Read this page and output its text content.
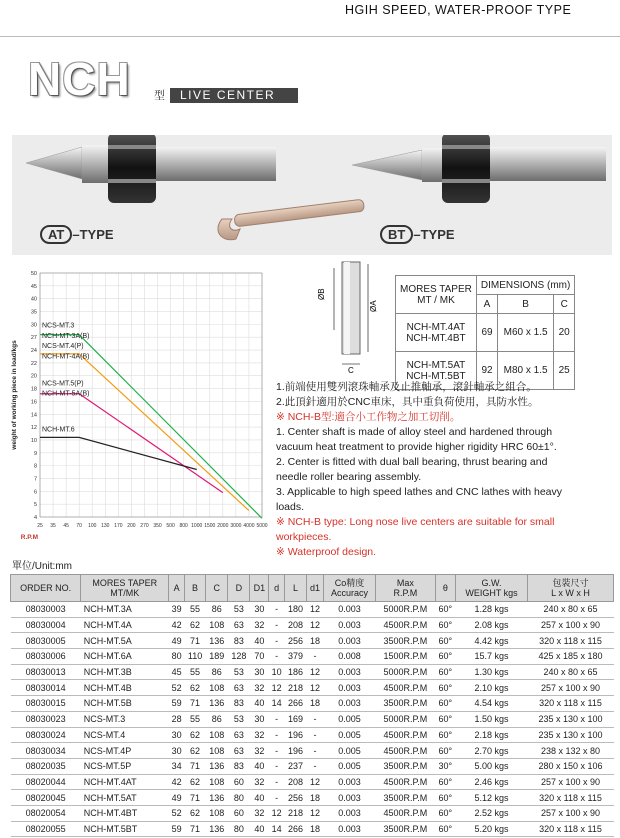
HGIH SPEED, WATER-PROOF TYPE
NCH 型 LIVE CENTER
AT –TYPE	BT –TYPE
25 35 45 70 100 130 170 200 270 350 500 800 1000 1500 2000 3000 4000 5000
50
45
40
35
30
27
24
22
20
18
16
14
12
10
9
8
7
6
5
4
NCS-MT.3
NCH-MT-3A(B)
NCS-MT.4(P)
NCH-MT-4A(B)
NCS-MT.5(P)
NCH-MT-5A(B)
NCH-MT.6
weight of working piece in load/kgs
R.P.M
ØB
ØA
C
MORES TAPER
MT / MK	DIMENSIONS (mm)		
	A	B	C
NCH-MT.4AT
NCH-MT.4BT	69	M60 x 1.5	20
NCH-MT.5AT
NCH-MT.5BT	92	M80 x 1.5	25
1.前端使用雙列滾珠軸承及止推軸承，滾針軸承之組合。
2.此頂針適用於CNC車床，具中重負荷使用，具防水性。
※ NCH-B型:適合小工作物之加工切削。
1. Center shaft is made of alloy steel and hardened through
vacuum heat treatment to provide higher rigidity HRC 60±1°.
2. Center is fitted with dual ball bearing, thrust bearing and
needle roller bearing assembly.
3. Applicable to high speed lathes and CNC lathes with heavy
loads.
※ NCH-B type: Long nose live centers are suitable for small
workpieces.
※ Waterproof design.
單位/Unit:mm
ORDER NO.	MORES TAPER
MT/MK	A	B	C	D	D1	d	L	d1	Co精度
Accuracy	Max
R.P.M	θ	G.W.
WEIGHT kgs	包裝尺寸
L x W x H
08030003	NCH-MT.3A	39	55	86	53	30	-	180	12	0.003	5000R.P.M	60°	1.28 kgs	240 x 80 x 65
08030004	NCH-MT.4A	42	62	108	63	32	-	208	12	0.003	4500R.P.M	60°	2.08 kgs	257 x 100 x 90
08030005	NCH-MT.5A	49	71	136	83	40	-	256	18	0.003	3500R.P.M	60°	4.42 kgs	320 x 118 x 115
08030006	NCH-MT.6A	80	110	189	128	70	-	379	-	0.008	1500R.P.M	60°	15.7 kgs	425 x 185 x 180
08030013	NCH-MT.3B	45	55	86	53	30	10	186	12	0.003	5000R.P.M	60°	1.30 kgs	240 x 80 x 65
08030014	NCH-MT.4B	52	62	108	63	32	12	218	12	0.003	4500R.P.M	60°	2.10 kgs	257 x 100 x 90
08030015	NCH-MT.5B	59	71	136	83	40	14	266	18	0.003	3500R.P.M	60°	4.54 kgs	320 x 118 x 115
08030023	NCS-MT.3	28	55	86	53	30	-	169	-	0.005	5000R.P.M	60°	1.50 kgs	235 x 130 x 100
08030024	NCS-MT.4	30	62	108	63	32	-	196	-	0.005	4500R.P.M	60°	2.18 kgs	235 x 130 x 100
08030034	NCS-MT.4P	30	62	108	63	32	-	196	-	0.005	4500R.P.M	60°	2.70 kgs	238 x 132 x 80
08020035	NCS-MT.5P	34	71	136	83	40	-	237	-	0.005	3500R.P.M	30°	5.00 kgs	280 x 150 x 106
08020044	NCH-MT.4AT	42	62	108	60	32	-	208	12	0.003	4500R.P.M	60°	2.46 kgs	257 x 100 x 90
08020045	NCH-MT.5AT	49	71	136	80	40	-	256	18	0.003	3500R.P.M	60°	5.12 kgs	320 x 118 x 115
08020054	NCH-MT.4BT	52	62	108	60	32	12	218	12	0.003	4500R.P.M	60°	2.52 kgs	257 x 100 x 90
08020055	NCH-MT.5BT	59	71	136	80	40	14	266	18	0.003	3500R.P.M	60°	5.20 kgs	320 x 118 x 115
